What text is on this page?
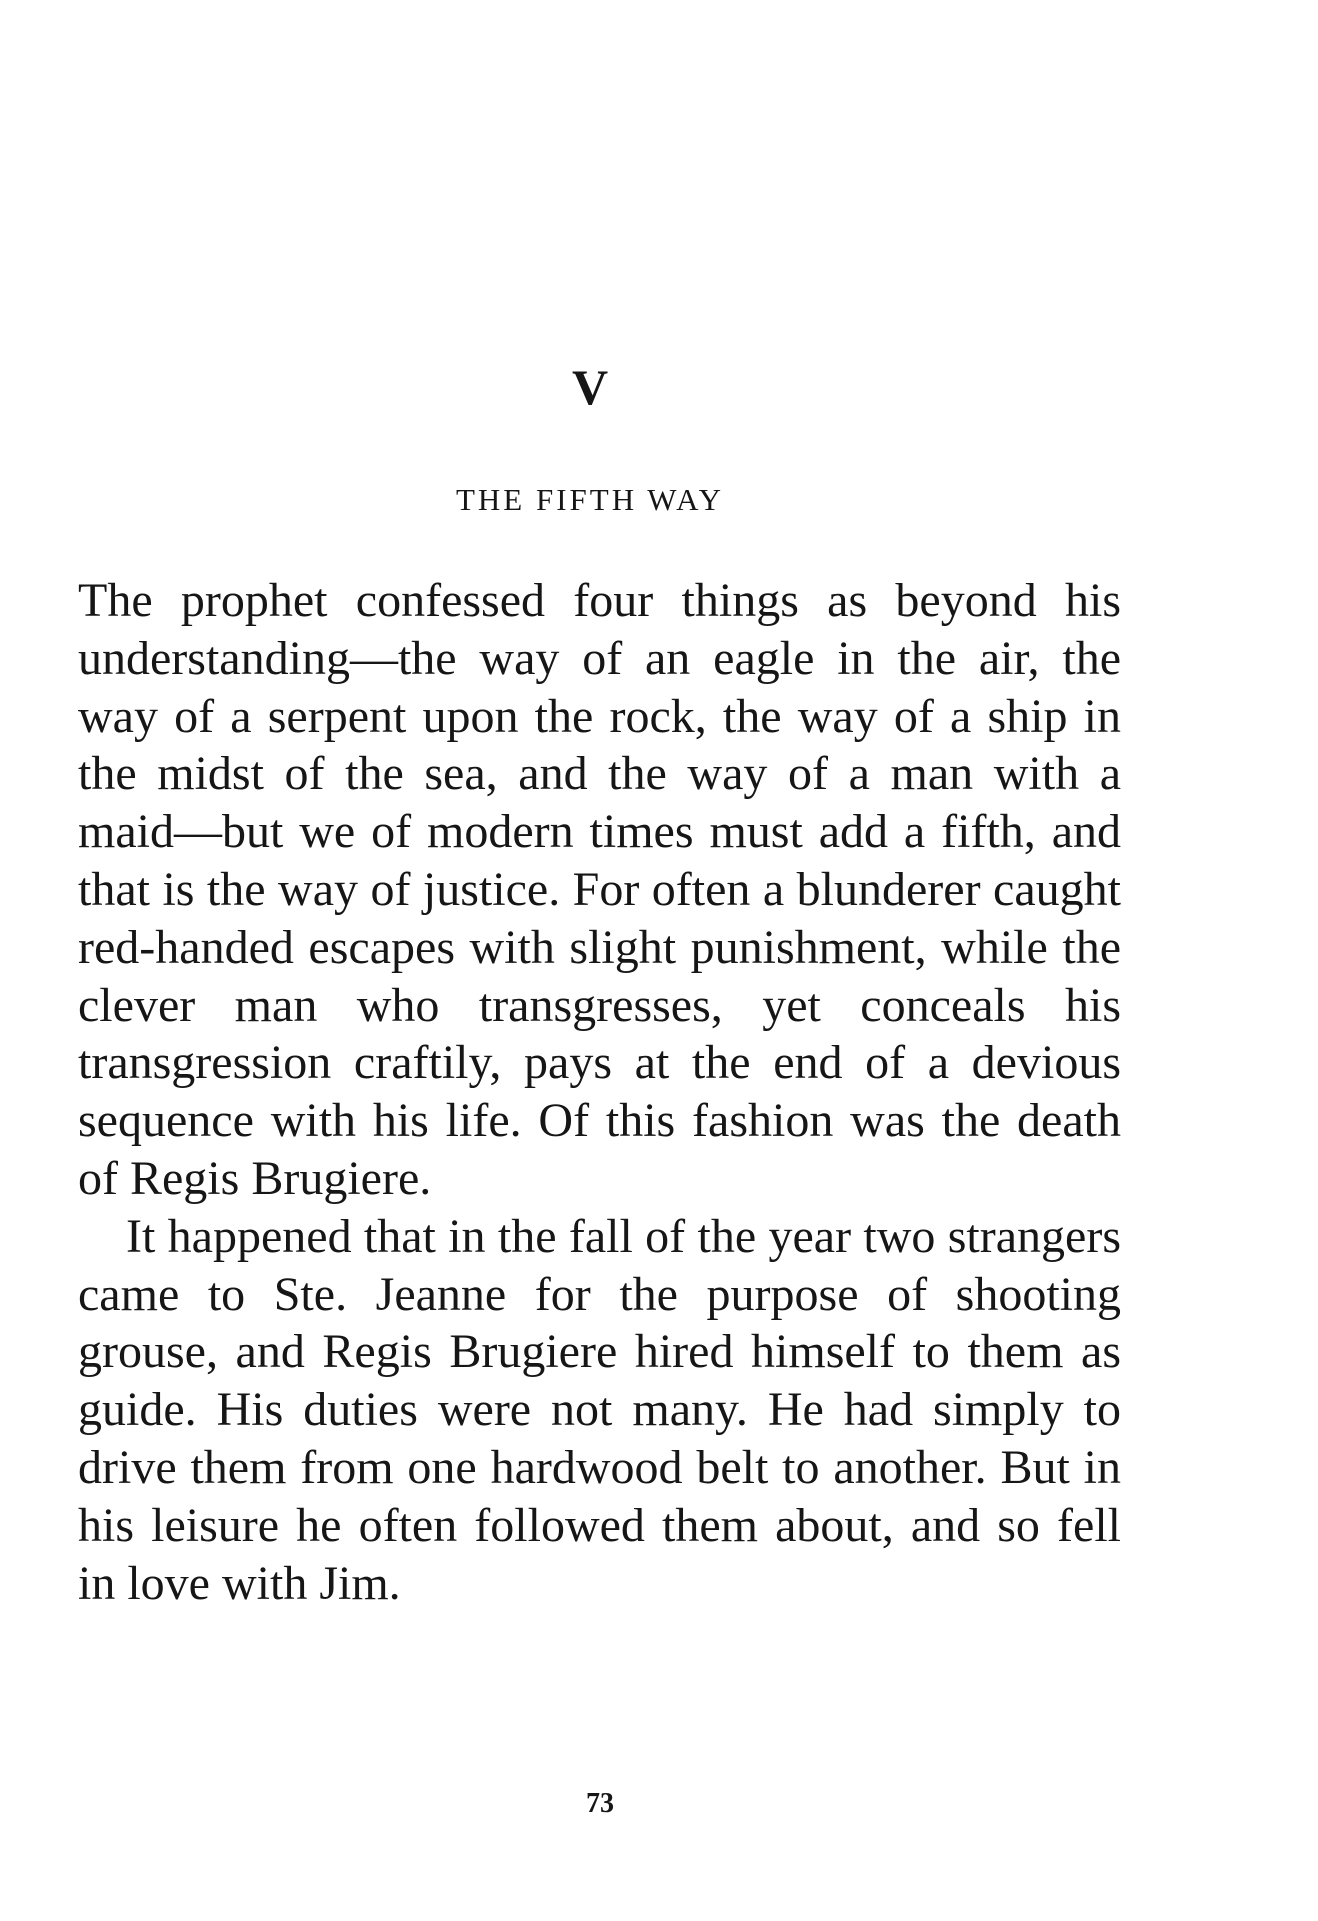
V
THE FIFTH WAY

The prophet confessed four things as beyond his understanding—the way of an eagle in the air, the way of a serpent upon the rock, the way of a ship in the midst of the sea, and the way of a man with a maid—but we of modern times must add a fifth, and that is the way of justice. For often a blunderer caught red-handed escapes with slight punishment, while the clever man who transgresses, yet conceals his transgression craftily, pays at the end of a devious sequence with his life. Of this fashion was the death of Regis Brugiere.

It happened that in the fall of the year two strangers came to Ste. Jeanne for the purpose of shooting grouse, and Regis Brugiere hired himself to them as guide. His duties were not many. He had simply to drive them from one hardwood belt to another. But in his leisure he often followed them about, and so fell in love with Jim.

73
